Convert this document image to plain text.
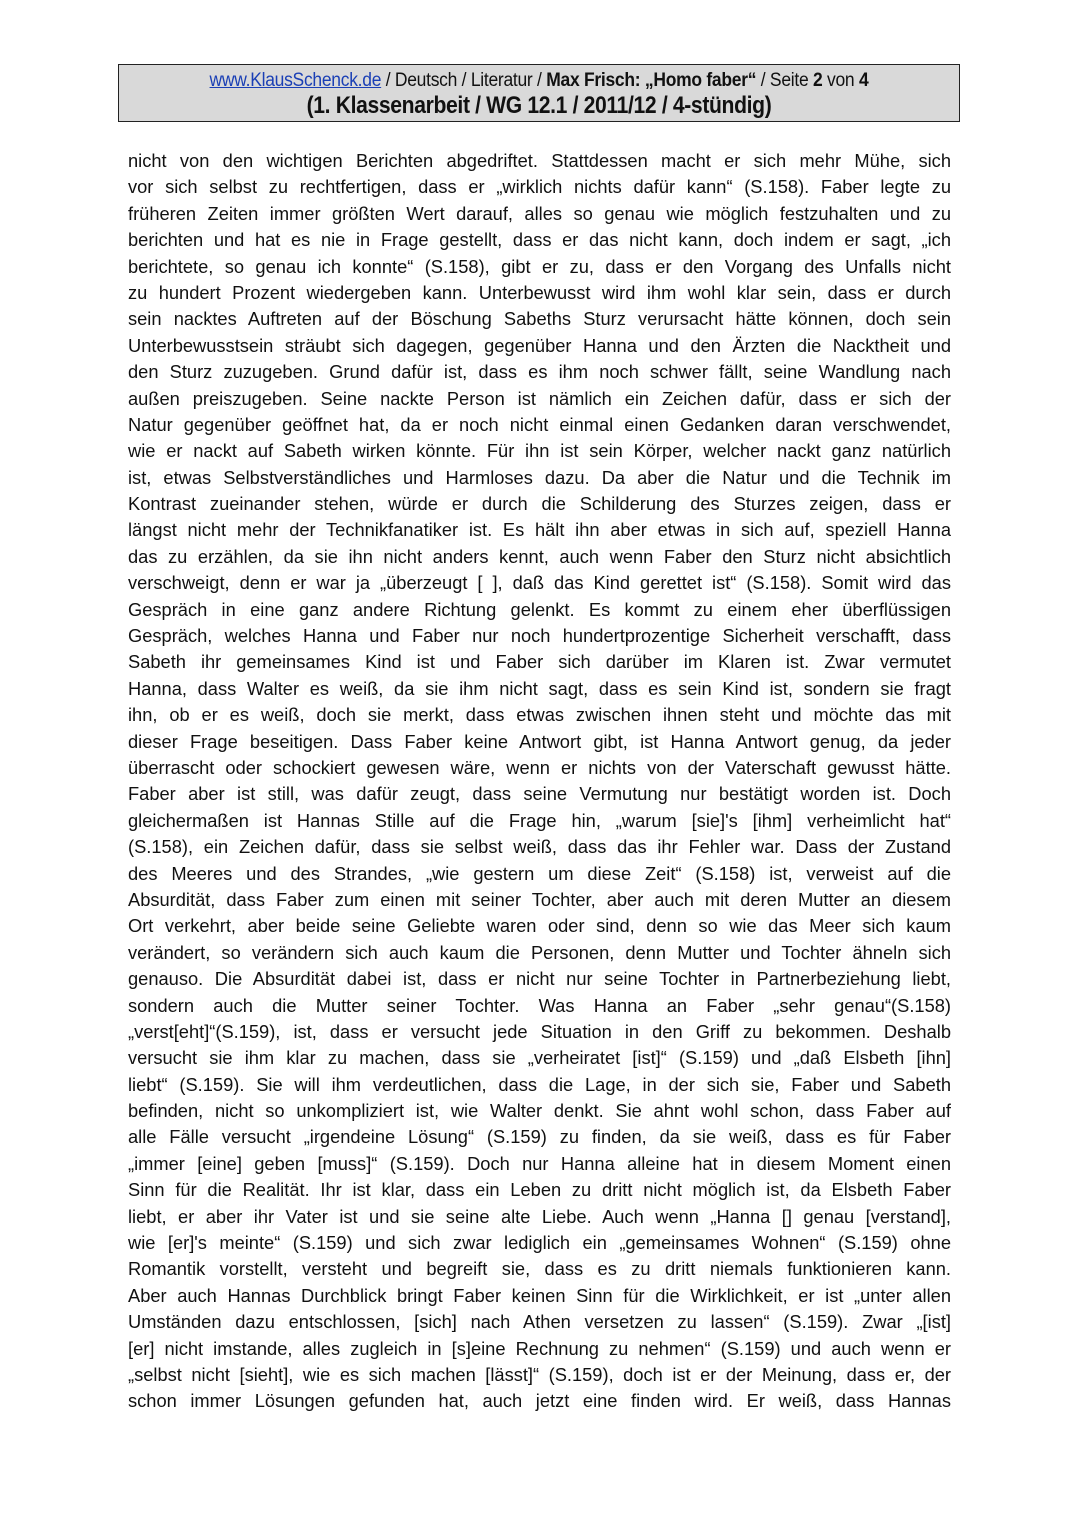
www.KlausSchenck.de / Deutsch / Literatur / Max Frisch: „Homo faber“ / Seite 2 von 4
(1. Klassenarbeit / WG 12.1 / 2011/12 / 4-stündig)
nicht von den wichtigen Berichten abgedriftet. Stattdessen macht er sich mehr Mühe, sich
vor sich selbst zu rechtfertigen, dass er „wirklich nichts dafür kann“ (S.158). Faber legte zu
früheren Zeiten immer größten Wert darauf, alles so genau wie möglich festzuhalten und zu
berichten und hat es nie in Frage gestellt, dass er das nicht kann, doch indem er sagt, „ich
berichtete, so genau ich konnte“ (S.158), gibt er zu, dass er den Vorgang des Unfalls nicht
zu hundert Prozent wiedergeben kann. Unterbewusst wird ihm wohl klar sein, dass er durch
sein nacktes Auftreten auf der Böschung Sabeths Sturz verursacht hätte können, doch sein
Unterbewusstsein sträubt sich dagegen, gegenüber Hanna und den Ärzten die Nacktheit und
den Sturz zuzugeben. Grund dafür ist, dass es ihm noch schwer fällt, seine Wandlung nach
außen preiszugeben. Seine nackte Person ist nämlich ein Zeichen dafür, dass er sich der
Natur gegenüber geöffnet hat, da er noch nicht einmal einen Gedanken daran verschwendet,
wie er nackt auf Sabeth wirken könnte. Für ihn ist sein Körper, welcher nackt ganz natürlich
ist, etwas Selbstverständliches und Harmloses dazu. Da aber die Natur und die Technik im
Kontrast zueinander stehen, würde er durch die Schilderung des Sturzes zeigen, dass er
längst nicht mehr der Technikfanatiker ist. Es hält ihn aber etwas in sich auf, speziell Hanna
das zu erzählen, da sie ihn nicht anders kennt, auch wenn Faber den Sturz nicht absichtlich
verschweigt, denn er war ja „überzeugt [ ], daß das Kind gerettet ist“ (S.158). Somit wird das
Gespräch in eine ganz andere Richtung gelenkt. Es kommt zu einem eher überflüssigen
Gespräch, welches Hanna und Faber nur noch hundertprozentige Sicherheit verschafft, dass
Sabeth ihr gemeinsames Kind ist und Faber sich darüber im Klaren ist. Zwar vermutet
Hanna, dass Walter es weiß, da sie ihm nicht sagt, dass es sein Kind ist, sondern sie fragt
ihn, ob er es weiß, doch sie merkt, dass etwas zwischen ihnen steht und möchte das mit
dieser Frage beseitigen. Dass Faber keine Antwort gibt, ist Hanna Antwort genug, da jeder
überrascht oder schockiert gewesen wäre, wenn er nichts von der Vaterschaft gewusst hätte.
Faber aber ist still, was dafür zeugt, dass seine Vermutung nur bestätigt worden ist. Doch
gleichermaßen ist Hannas Stille auf die Frage hin, „warum [sie]'s [ihm] verheimlicht hat“
(S.158), ein Zeichen dafür, dass sie selbst weiß, dass das ihr Fehler war. Dass der Zustand
des Meeres und des Strandes, „wie gestern um diese Zeit“ (S.158) ist, verweist auf die
Absurdität, dass Faber zum einen mit seiner Tochter, aber auch mit deren Mutter an diesem
Ort verkehrt, aber beide seine Geliebte waren oder sind, denn so wie das Meer sich kaum
verändert, so verändern sich auch kaum die Personen, denn Mutter und Tochter ähneln sich
genauso. Die Absurdität dabei ist, dass er nicht nur seine Tochter in Partnerbeziehung liebt,
sondern auch die Mutter seiner Tochter. Was Hanna an Faber „sehr genau“(S.158)
„verst[eht]“(S.159), ist, dass er versucht jede Situation in den Griff zu bekommen. Deshalb
versucht sie ihm klar zu machen, dass sie „verheiratet [ist]“ (S.159) und „daß Elsbeth [ihn]
liebt“ (S.159). Sie will ihm verdeutlichen, dass die Lage, in der sich sie, Faber und Sabeth
befinden, nicht so unkompliziert ist, wie Walter denkt. Sie ahnt wohl schon, dass Faber auf
alle Fälle versucht „irgendeine Lösung“ (S.159) zu finden, da sie weiß, dass es für Faber
„immer [eine] geben [muss]“ (S.159). Doch nur Hanna alleine hat in diesem Moment einen
Sinn für die Realität. Ihr ist klar, dass ein Leben zu dritt nicht möglich ist, da Elsbeth Faber
liebt, er aber ihr Vater ist und sie seine alte Liebe. Auch wenn „Hanna [] genau [verstand],
wie [er]'s meinte“ (S.159) und sich zwar lediglich ein „gemeinsames Wohnen“ (S.159) ohne
Romantik vorstellt, versteht und begreift sie, dass es zu dritt niemals funktionieren kann.
Aber auch Hannas Durchblick bringt Faber keinen Sinn für die Wirklichkeit, er ist „unter allen
Umständen dazu entschlossen, [sich] nach Athen versetzen zu lassen“ (S.159). Zwar „[ist]
[er] nicht imstande, alles zugleich in [s]eine Rechnung zu nehmen“ (S.159) und auch wenn er
„selbst nicht [sieht], wie es sich machen [lässt]“ (S.159), doch ist er der Meinung, dass er, der
schon immer Lösungen gefunden hat, auch jetzt eine finden wird. Er weiß, dass Hannas
